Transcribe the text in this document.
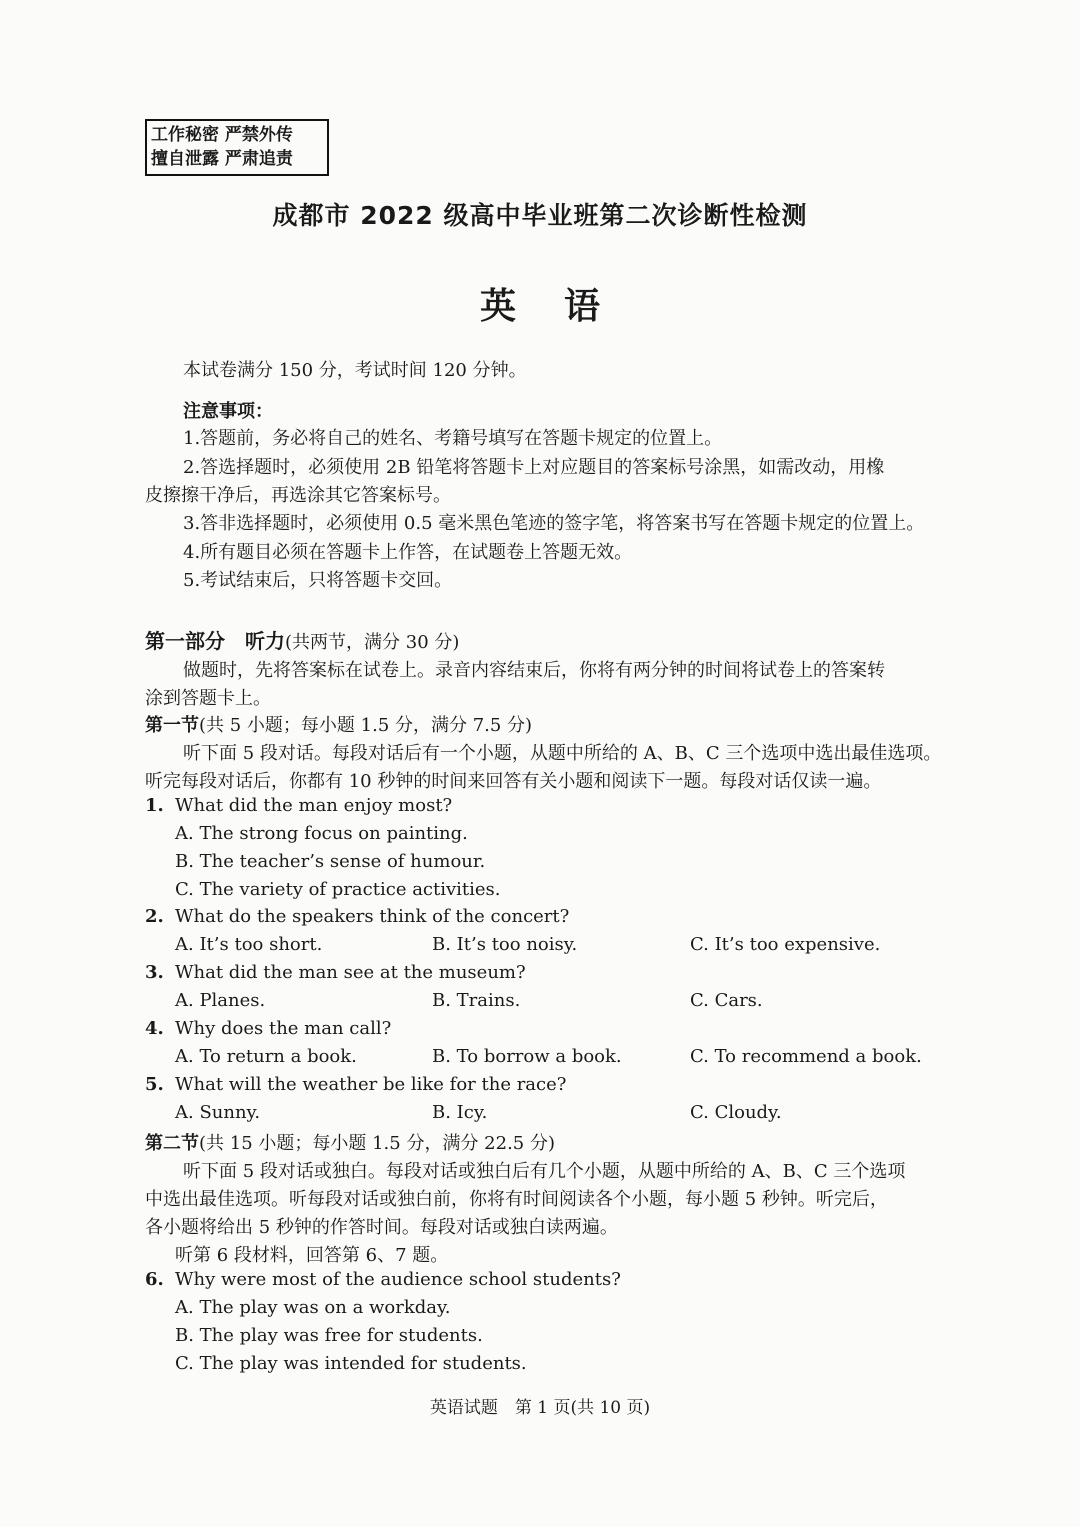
工作秘密 严禁外传
擅自泄露 严肃追责
成都市 2022 级高中毕业班第二次诊断性检测
英语
本试卷满分 150 分，考试时间 120 分钟。
注意事项：
1.答题前，务必将自己的姓名、考籍号填写在答题卡规定的位置上。
2.答选择题时，必须使用 2B 铅笔将答题卡上对应题目的答案标号涂黑，如需改动，用橡
皮擦擦干净后，再选涂其它答案标号。
3.答非选择题时，必须使用 0.5 毫米黑色笔迹的签字笔，将答案书写在答题卡规定的位置上。
4.所有题目必须在答题卡上作答，在试题卷上答题无效。
5.考试结束后，只将答题卡交回。
第一部分　听力(共两节，满分 30 分)
做题时，先将答案标在试卷上。录音内容结束后，你将有两分钟的时间将试卷上的答案转
涂到答题卡上。
第一节(共 5 小题；每小题 1.5 分，满分 7.5 分)
听下面 5 段对话。每段对话后有一个小题，从题中所给的 A、B、C 三个选项中选出最佳选项。
听完每段对话后，你都有 10 秒钟的时间来回答有关小题和阅读下一题。每段对话仅读一遍。
1. What did the man enjoy most?
A. The strong focus on painting.
B. The teacher’s sense of humour.
C. The variety of practice activities.
2. What do the speakers think of the concert?
A. It’s too short.	B. It’s too noisy.	C. It’s too expensive.
3. What did the man see at the museum?
A. Planes.	B. Trains.	C. Cars.
4. Why does the man call?
A. To return a book.	B. To borrow a book.	C. To recommend a book.
5. What will the weather be like for the race?
A. Sunny.	B. Icy.	C. Cloudy.
第二节(共 15 小题；每小题 1.5 分，满分 22.5 分)
听下面 5 段对话或独白。每段对话或独白后有几个小题，从题中所给的 A、B、C 三个选项
中选出最佳选项。听每段对话或独白前，你将有时间阅读各个小题，每小题 5 秒钟。听完后，
各小题将给出 5 秒钟的作答时间。每段对话或独白读两遍。
听第 6 段材料，回答第 6、7 题。
6. Why were most of the audience school students?
A. The play was on a workday.
B. The play was free for students.
C. The play was intended for students.
英语试题　第 1 页(共 10 页)
